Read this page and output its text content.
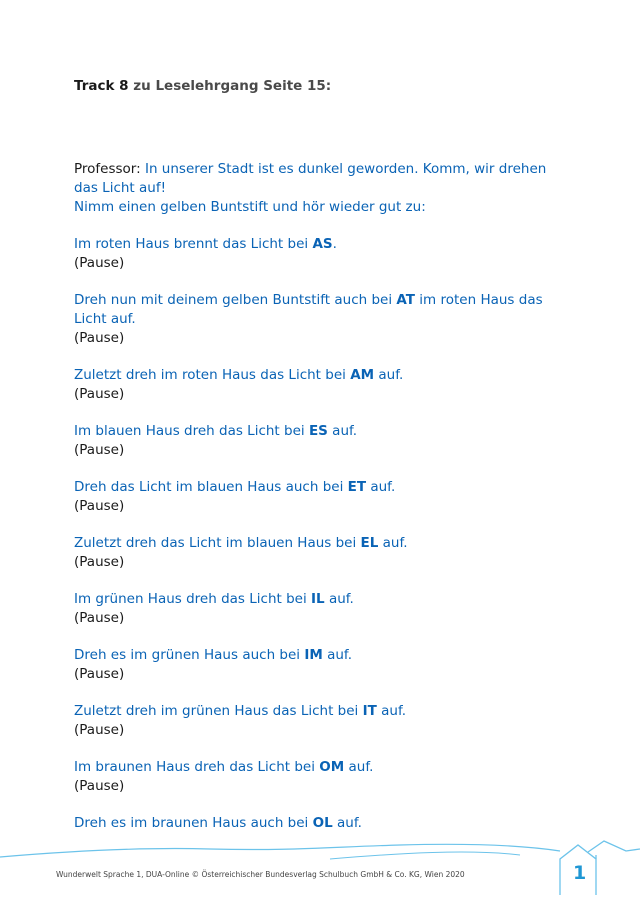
Track 8 zu Leselehrgang Seite 15:

Professor: In unserer Stadt ist es dunkel geworden. Komm, wir drehen das Licht auf!

Nimm einen gelben Buntstift und hör wieder gut zu:

Im roten Haus brennt das Licht bei AS.

(Pause)

Dreh nun mit deinem gelben Buntstift auch bei AT im roten Haus das Licht auf.

(Pause)

Zuletzt dreh im roten Haus das Licht bei AM auf.

(Pause)

Im blauen Haus dreh das Licht bei ES auf.

(Pause)

Dreh das Licht im blauen Haus auch bei ET auf.

(Pause)

Zuletzt dreh das Licht im blauen Haus bei EL auf.

(Pause)

Im grünen Haus dreh das Licht bei IL auf.

(Pause)

Dreh es im grünen Haus auch bei IM auf.

(Pause)

Zuletzt dreh im grünen Haus das Licht bei IT auf.

(Pause)

Im braunen Haus dreh das Licht bei OM auf.

(Pause)

Dreh es im braunen Haus auch bei OL auf.

Wunderwelt Sprache 1, DUA-Online © Österreichischer Bundesverlag Schulbuch GmbH & Co. KG, Wien 2020	1
